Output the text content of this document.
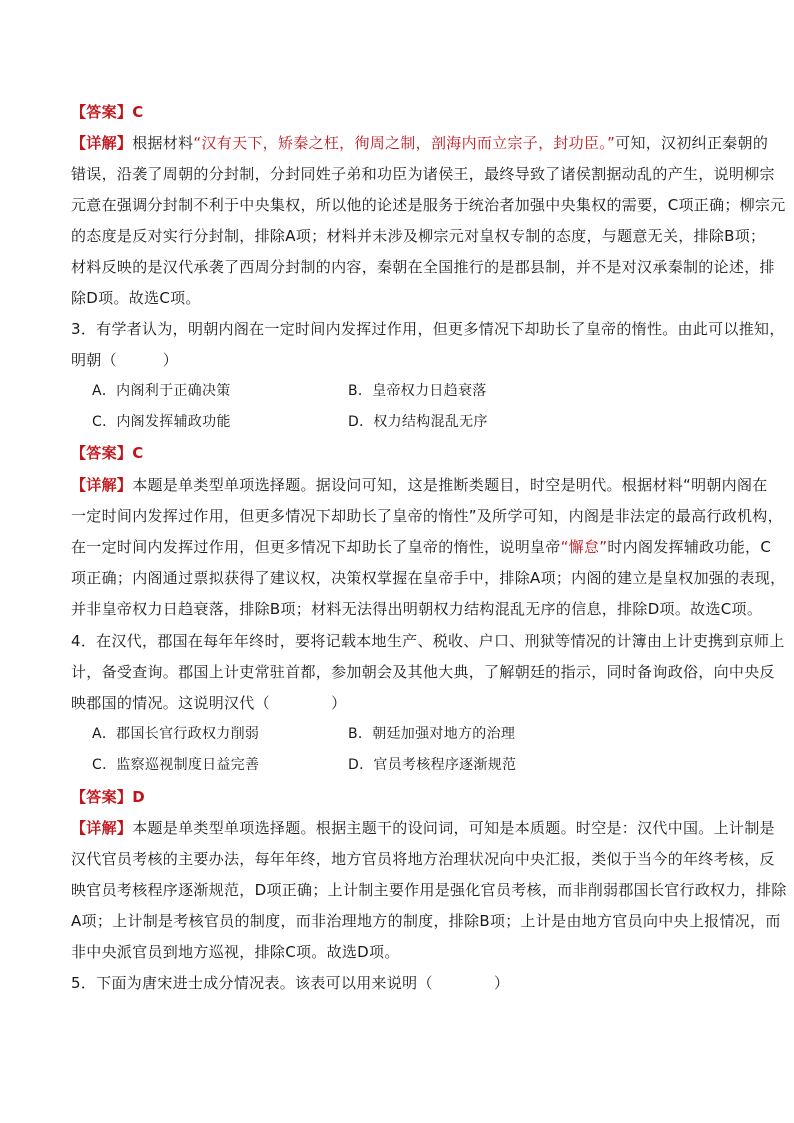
【答案】C
【详解】根据材料“汉有天下，矫秦之枉，徇周之制，剖海内而立宗子，封功臣。”可知，汉初纠正秦朝的
错误，沿袭了周朝的分封制，分封同姓子弟和功臣为诸侯王，最终导致了诸侯割据动乱的产生，说明柳宗
元意在强调分封制不利于中央集权，所以他的论述是服务于统治者加强中央集权的需要，C项正确；柳宗元
的态度是反对实行分封制，排除A项；材料并未涉及柳宗元对皇权专制的态度，与题意无关，排除B项；
材料反映的是汉代承袭了西周分封制的内容，秦朝在全国推行的是郡县制，并不是对汉承秦制的论述，排
除D项。故选C项。
3．有学者认为，明朝内阁在一定时间内发挥过作用，但更多情况下却助长了皇帝的惰性。由此可以推知，
明朝（　　　）
A．内阁利于正确决策	B．皇帝权力日趋衰落
C．内阁发挥辅政功能	D．权力结构混乱无序
【答案】C
【详解】本题是单类型单项选择题。据设问可知，这是推断类题目，时空是明代。根据材料“明朝内阁在
一定时间内发挥过作用，但更多情况下却助长了皇帝的惰性”及所学可知，内阁是非法定的最高行政机构，
在一定时间内发挥过作用，但更多情况下却助长了皇帝的惰性，说明皇帝“懈怠”时内阁发挥辅政功能，C
项正确；内阁通过票拟获得了建议权，决策权掌握在皇帝手中，排除A项；内阁的建立是皇权加强的表现，
并非皇帝权力日趋衰落，排除B项；材料无法得出明朝权力结构混乱无序的信息，排除D项。故选C项。
4．在汉代，郡国在每年年终时，要将记载本地生产、税收、户口、刑狱等情况的计簿由上计吏携到京师上
计，备受查询。郡国上计吏常驻首都，参加朝会及其他大典，了解朝廷的指示，同时备询政俗，向中央反
映郡国的情况。这说明汉代（　　　　）
A．郡国长官行政权力削弱	B．朝廷加强对地方的治理
C．监察巡视制度日益完善	D．官员考核程序逐渐规范
【答案】D
【详解】本题是单类型单项选择题。根据主题干的设问词，可知是本质题。时空是：汉代中国。上计制是
汉代官员考核的主要办法，每年年终，地方官员将地方治理状况向中央汇报，类似于当今的年终考核，反
映官员考核程序逐渐规范，D项正确；上计制主要作用是强化官员考核，而非削弱郡国长官行政权力，排除
A项；上计制是考核官员的制度，而非治理地方的制度，排除B项；上计是由地方官员向中央上报情况，而
非中央派官员到地方巡视，排除C项。故选D项。
5．下面为唐宋进士成分情况表。该表可以用来说明（　　　　）
